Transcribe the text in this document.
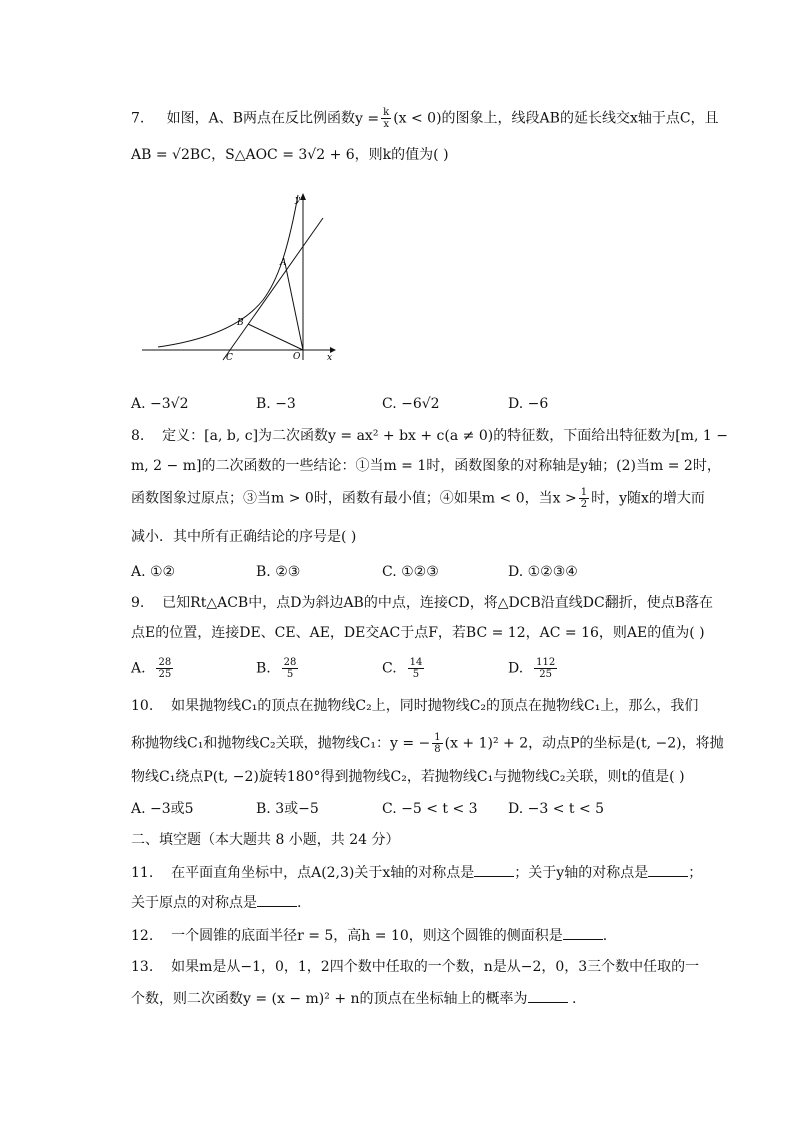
7. 如图，A、B两点在反比例函数$y = \frac{k}{x} (x < 0)$的图象上，线段AB的延长线交x轴于点C，且
AB = √2BC，S△AOC = 3√2 + 6，则k的值为( )
A
B
C	O	x
y
A. −3√2	B. −3	C. −6√2	D. −6
8. 定义：[a, b, c]为二次函数y = ax² + bx + c(a ≠ 0)的特征数，下面给出特征数为[m, 1 −
m, 2 − m]的二次函数的一些结论：①当m = 1时，函数图象的对称轴是y轴；(2)当m = 2时，
函数图象过原点；③当m > 0时，函数有最小值；④如果m < 0，当$x > \frac{1}{2}$ 时，y随x的增大而
减小．其中所有正确结论的序号是( )
A. ①②	B. ②③	C. ①②③	D. ①②③④
9. 已知Rt△ACB中，点D为斜边AB的中点，连接CD，将△DCB沿直线DC翻折，使点B落在
点E的位置，连接DE、CE、AE，DE交AC于点F，若BC = 12，AC = 16，则AE的值为( )
A. $\frac{28}{25}$	B. $\frac{28}{5}$	C. $\frac{14}{5}$	D. $\frac{112}{25}$
10. 如果抛物线C₁的顶点在抛物线C₂上，同时抛物线C₂的顶点在抛物线C₁上，那么，我们
称抛物线C₁和抛物线C₂关联，抛物线C₁：y = − $\frac{1}{8} (x + 1)^2 + 2$，动点P的坐标是(t, −2)，将抛
物线C₁绕点P(t, −2)旋转180°得到抛物线C₂，若抛物线C₁与抛物线C₂关联，则t的值是( )
A. −3或5	B. 3或−5	C. −5 < t < 3 D. −3 < t < 5
二、填空题（本大题共 8 小题，共 24 分）
11. 在平面直角坐标中，点A(2,3)关于x轴的对称点是	；关于y轴的对称点是	；
关于原点的对称点是	.
12. 一个圆锥的底面半径r = 5，高h = 10，则这个圆锥的侧面积是	.
13. 如果m是从−1，0，1，2四个数中任取的一个数，n是从−2，0，3三个数中任取的一
个数，则二次函数y = (x − m)² + n的顶点在坐标轴上的概率为	.
